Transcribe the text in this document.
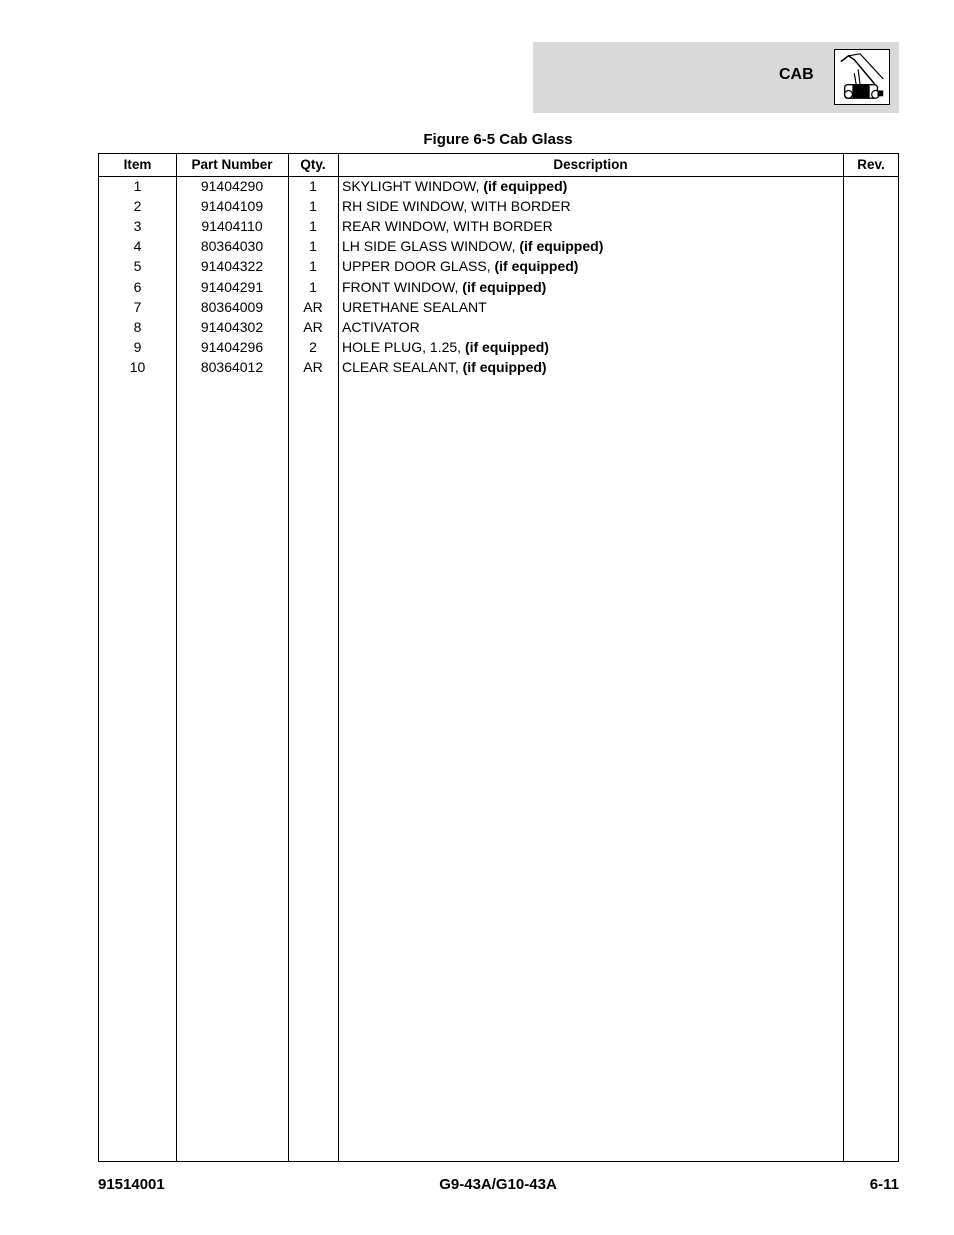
CAB
Figure 6-5 Cab Glass
Item	Part Number	Qty.	Description	Rev.
1	91404290	1	SKYLIGHT WINDOW, (if equipped)
2	91404109	1	RH SIDE WINDOW, WITH BORDER
3	91404110	1	REAR WINDOW, WITH BORDER
4	80364030	1	LH SIDE GLASS WINDOW, (if equipped)
5	91404322	1	UPPER DOOR GLASS, (if equipped)
6	91404291	1	FRONT WINDOW, (if equipped)
7	80364009	AR	URETHANE SEALANT
8	91404302	AR	ACTIVATOR
9	91404296	2	HOLE PLUG, 1.25, (if equipped)
10	80364012	AR	CLEAR SEALANT, (if equipped)
91514001	G9-43A/G10-43A	6-11
